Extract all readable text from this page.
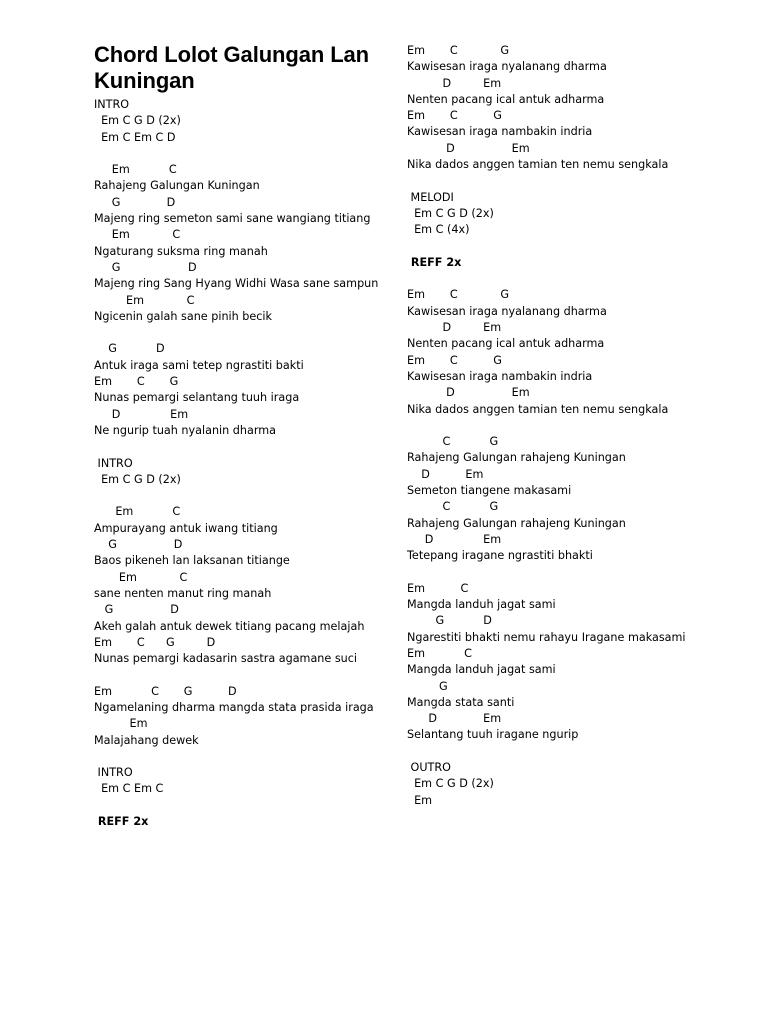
Chord Lolot Galungan Lan Kuningan
INTRO
Em C G D (2x)
Em C Em C D

Em           C
Rahajeng Galungan Kuningan
G             D
Majeng ring semeton sami sane wangiang titiang
Em            C
Ngaturang suksma ring manah
G                   D
Majeng ring Sang Hyang Widhi Wasa sane sampun
Em            C
Ngicenin galah sane pinih becik

G           D
Antuk iraga sami tetep ngrastiti bakti
Em       C       G
Nunas pemargi selantang tuuh iraga
D              Em
Ne ngurip tuah nyalanin dharma

INTRO
Em C G D (2x)

Em           C
Ampurayang antuk iwang titiang
G                D
Baos pikeneh lan laksanan titiange
Em            C
sane nenten manut ring manah
G                D
Akeh galah antuk dewek titiang pacang melajah
Em       C      G         D
Nunas pemargi kadasarin sastra agamane suci

Em           C       G          D
Ngamelaning dharma mangda stata prasida iraga
Em
Malajahang dewek

INTRO
Em C Em C

REFF 2x
Em       C            G
Kawisesan iraga nyalanang dharma
D         Em
Nenten pacang ical antuk adharma
Em       C          G
Kawisesan iraga nambakin indria
D                Em
Nika dados anggen tamian ten nemu sengkala

MELODI
Em C G D (2x)
Em C (4x)

REFF 2x

Em       C            G
Kawisesan iraga nyalanang dharma
D         Em
Nenten pacang ical antuk adharma
Em       C          G
Kawisesan iraga nambakin indria
D                Em
Nika dados anggen tamian ten nemu sengkala

C           G
Rahajeng Galungan rahajeng Kuningan
D          Em
Semeton tiangene makasami
C           G
Rahajeng Galungan rahajeng Kuningan
D              Em
Tetepang iragane ngrastiti bhakti

Em          C
Mangda landuh jagat sami
G           D
Ngarestiti bhakti nemu rahayu Iragane makasami
Em           C
Mangda landuh jagat sami
G
Mangda stata santi
D             Em
Selantang tuuh iragane ngurip

OUTRO
Em C G D (2x)
Em
